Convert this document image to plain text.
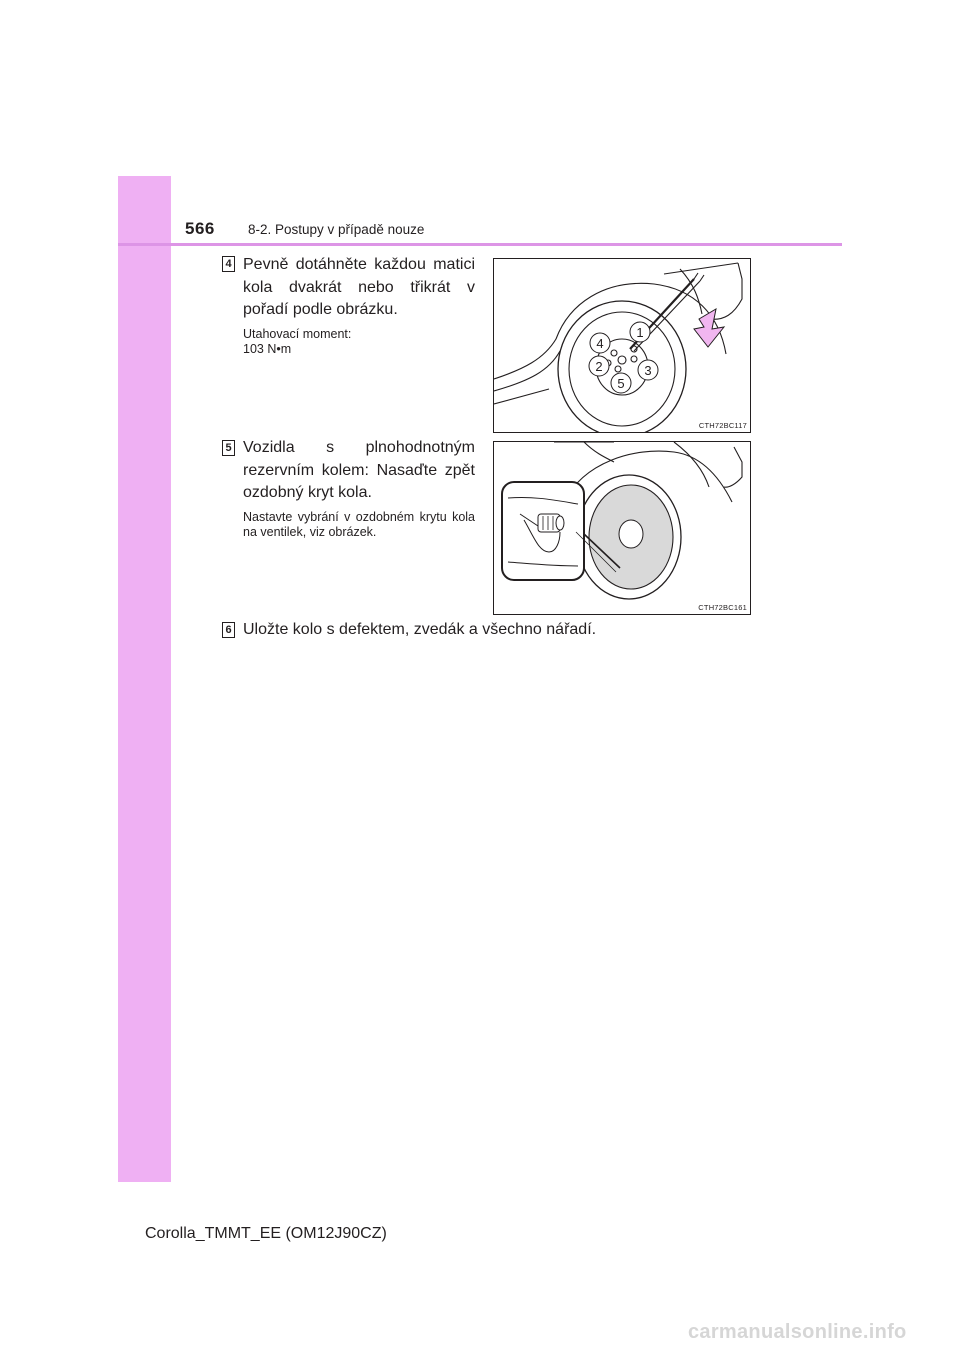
566 8-2. Postupy v případě nouze
4 Pevně dotáhněte každou matici kola dvakrát nebo třikrát v pořadí podle obrázku.
Utahovací moment:
103 N•m
1
4
2	3
5
CTH72BC117
5 Vozidla s plnohodnotným rezervním kolem: Nasaďte zpět ozdobný kryt kola.
Nastavte vybrání v ozdobném krytu kola na ventilek, viz obrázek.
CTH72BC161
6 Uložte kolo s defektem, zvedák a všechno nářadí.
Corolla_TMMT_EE (OM12J90CZ)
carmanualsonline.info
